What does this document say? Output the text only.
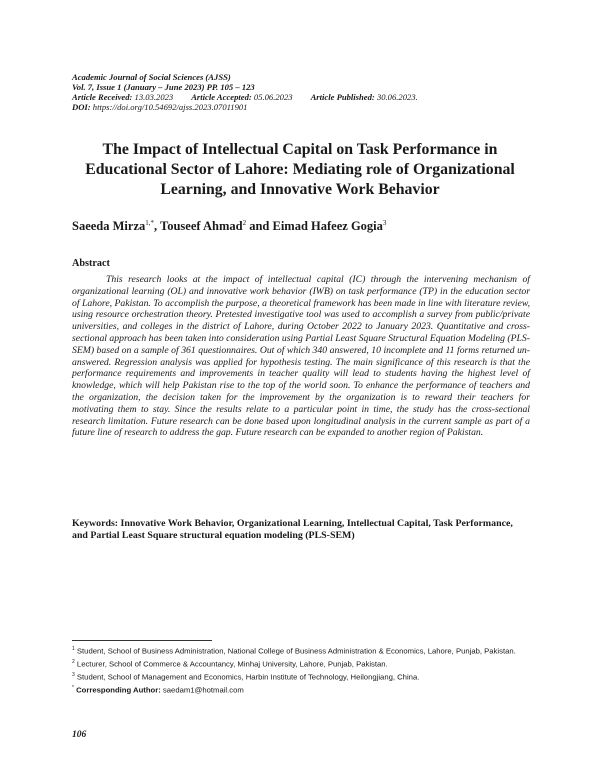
Academic Journal of Social Sciences (AJSS)
Vol. 7, Issue 1 (January – June 2023) PP. 105 – 123
Article Received: 13.03.2023 Article Accepted: 05.06.2023 Article Published: 30.06.2023.
DOI: https://doi.org/10.54692/ajss.2023.07011901
The Impact of Intellectual Capital on Task Performance in Educational Sector of Lahore: Mediating role of Organizational Learning, and Innovative Work Behavior
Saeeda Mirza$^{1,*}$, Touseef Ahmad$^2$ and Eimad Hafeez Gogia$^3$
Abstract

This research looks at the impact of intellectual capital (IC) through the intervening mechanism of organizational learning (OL) and innovative work behavior (IWB) on task performance (TP) in the education sector of Lahore, Pakistan. To accomplish the purpose, a theoretical framework has been made in line with literature review, using resource orchestration theory. Pretested investigative tool was used to accomplish a survey from public/private universities, and colleges in the district of Lahore, during October 2022 to January 2023. Quantitative and cross-sectional approach has been taken into consideration using Partial Least Square Structural Equation Modeling (PLS-SEM) based on a sample of 361 questionnaires. Out of which 340 answered, 10 incomplete and 11 forms returned un-answered. Regression analysis was applied for hypothesis testing. The main significance of this research is that the performance requirements and improvements in teacher quality will lead to students having the highest level of knowledge, which will help Pakistan rise to the top of the world soon. To enhance the performance of teachers and the organization, the decision taken for the improvement by the organization is to reward their teachers for motivating them to stay. Since the results relate to a particular point in time, the study has the cross-sectional research limitation. Future research can be done based upon longitudinal analysis in the current sample as part of a future line of research to address the gap. Future research can be expanded to another region of Pakistan.

Keywords: Innovative Work Behavior, Organizational Learning, Intellectual Capital, Task Performance, and Partial Least Square structural equation modeling (PLS-SEM)

$^1$ Student, School of Business Administration, National College of Business Administration & Economics, Lahore, Punjab, Pakistan.

$^2$ Lecturer, School of Commerce & Accountancy, Minhaj University, Lahore, Punjab, Pakistan.

$^3$ Student, School of Management and Economics, Harbin Institute of Technology, Heilongjiang, China.

* Corresponding Author: saedam1@hotmail.com

106
